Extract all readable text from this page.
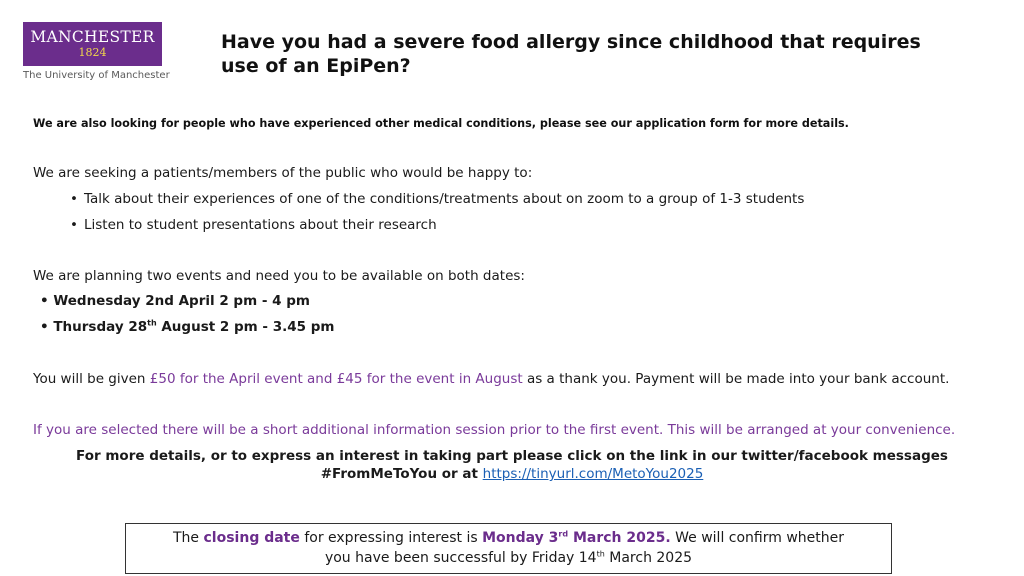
MANCHESTER
1824
The University of Manchester
Have you had a severe food allergy since childhood that requires use of an EpiPen?
We are also looking for people who have experienced other medical conditions, please see our application form for more details.
We are seeking a patients/members of the public who would be happy to:
• Talk about their experiences of one of the conditions/treatments about on zoom to a group of 1-3 students
• Listen to student presentations about their research
We are planning two events and need you to be available on both dates:
• Wednesday 2nd April 2 pm - 4 pm
• Thursday 28th August 2 pm - 3.45 pm
You will be given £50 for the April event and £45 for the event in August as a thank you. Payment will be made into your bank account.
If you are selected there will be a short additional information session prior to the first event. This will be arranged at your convenience.
For more details, or to express an interest in taking part please click on the link in our twitter/facebook messages
#FromMeToYou or at https://tinyurl.com/MetoYou2025
The closing date for expressing interest is Monday 3rd March 2025. We will confirm whether
you have been successful by Friday 14th March 2025
